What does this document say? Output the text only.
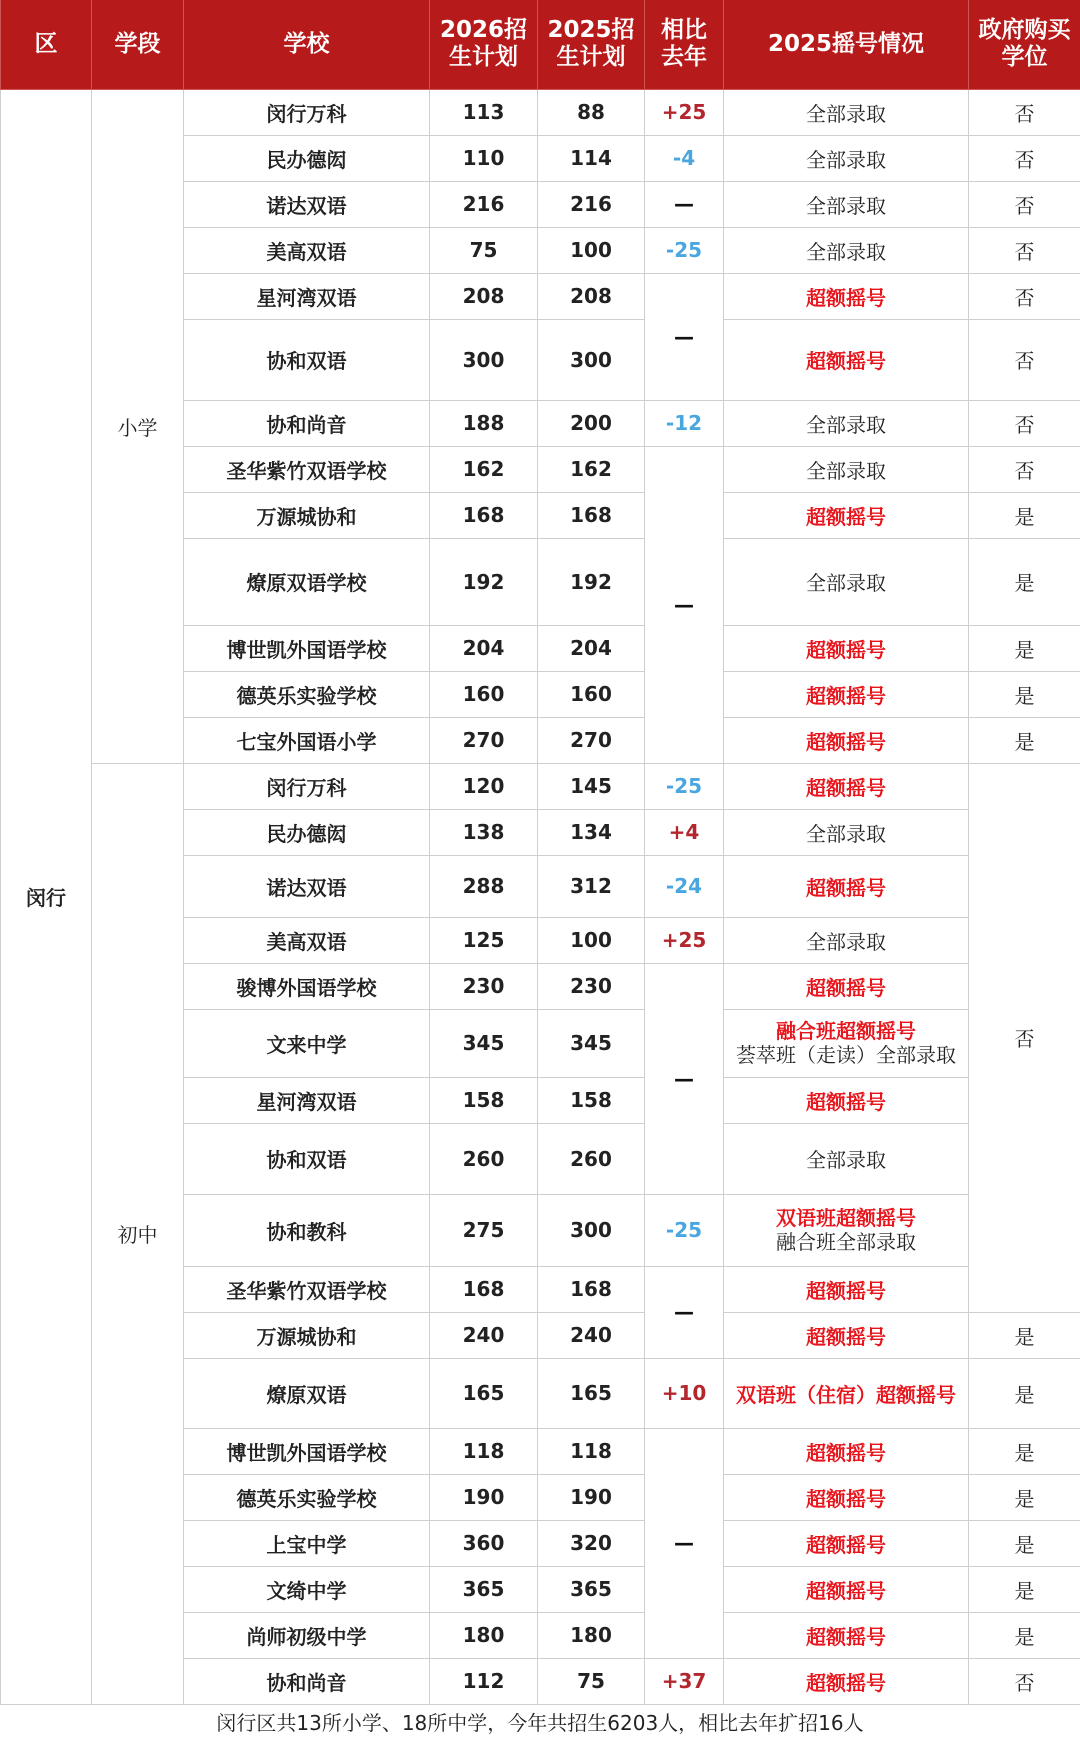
区	学段	学校	2026招生计划	2025招生计划	相比去年	2025摇号情况	政府购买学位
闵行	小学	闵行万科	113	88	+25	全部录取	否
		民办德闳	110	114	-4	全部录取	否
		诺达双语	216	216	—	全部录取	否
		美高双语	75	100	-25	全部录取	否
		星河湾双语	208	208	—	超额摇号	否
		协和双语	300	300		超额摇号	否
		协和尚音	188	200	-12	全部录取	否
		圣华紫竹双语学校	162	162	—	全部录取	否
		万源城协和	168	168		超额摇号	是
		燎原双语学校	192	192		全部录取	是
		博世凯外国语学校	204	204		超额摇号	是
		德英乐实验学校	160	160		超额摇号	是
		七宝外国语小学	270	270		超额摇号	是
	初中	闵行万科	120	145	-25	超额摇号	否
		民办德闳	138	134	+4	全部录取	
		诺达双语	288	312	-24	超额摇号	
		美高双语	125	100	+25	全部录取	
		骏博外国语学校	230	230	—	超额摇号	
		文来中学	345	345		融合班超额摇号
荟萃班（走读）全部录取	

		星河湾双语	158	158		超额摇号	
		协和双语	260	260		全部录取	
		协和教科	275	300	-25	双语班超额摇号
融合班全部录取	

		圣华紫竹双语学校	168	168	—	超额摇号	
		万源城协和	240	240		超额摇号	是
		燎原双语	165	165	+10	双语班（住宿）超额摇号	是
		博世凯外国语学校	118	118	—	超额摇号	是
		德英乐实验学校	190	190		超额摇号	是
		上宝中学	360	320		超额摇号	是
		文绮中学	365	365		超额摇号	是
		尚师初级中学	180	180		超额摇号	是
		协和尚音	112	75	+37	超额摇号	否
闵行区共13所小学、18所中学，今年共招生6203人，相比去年扩招16人
